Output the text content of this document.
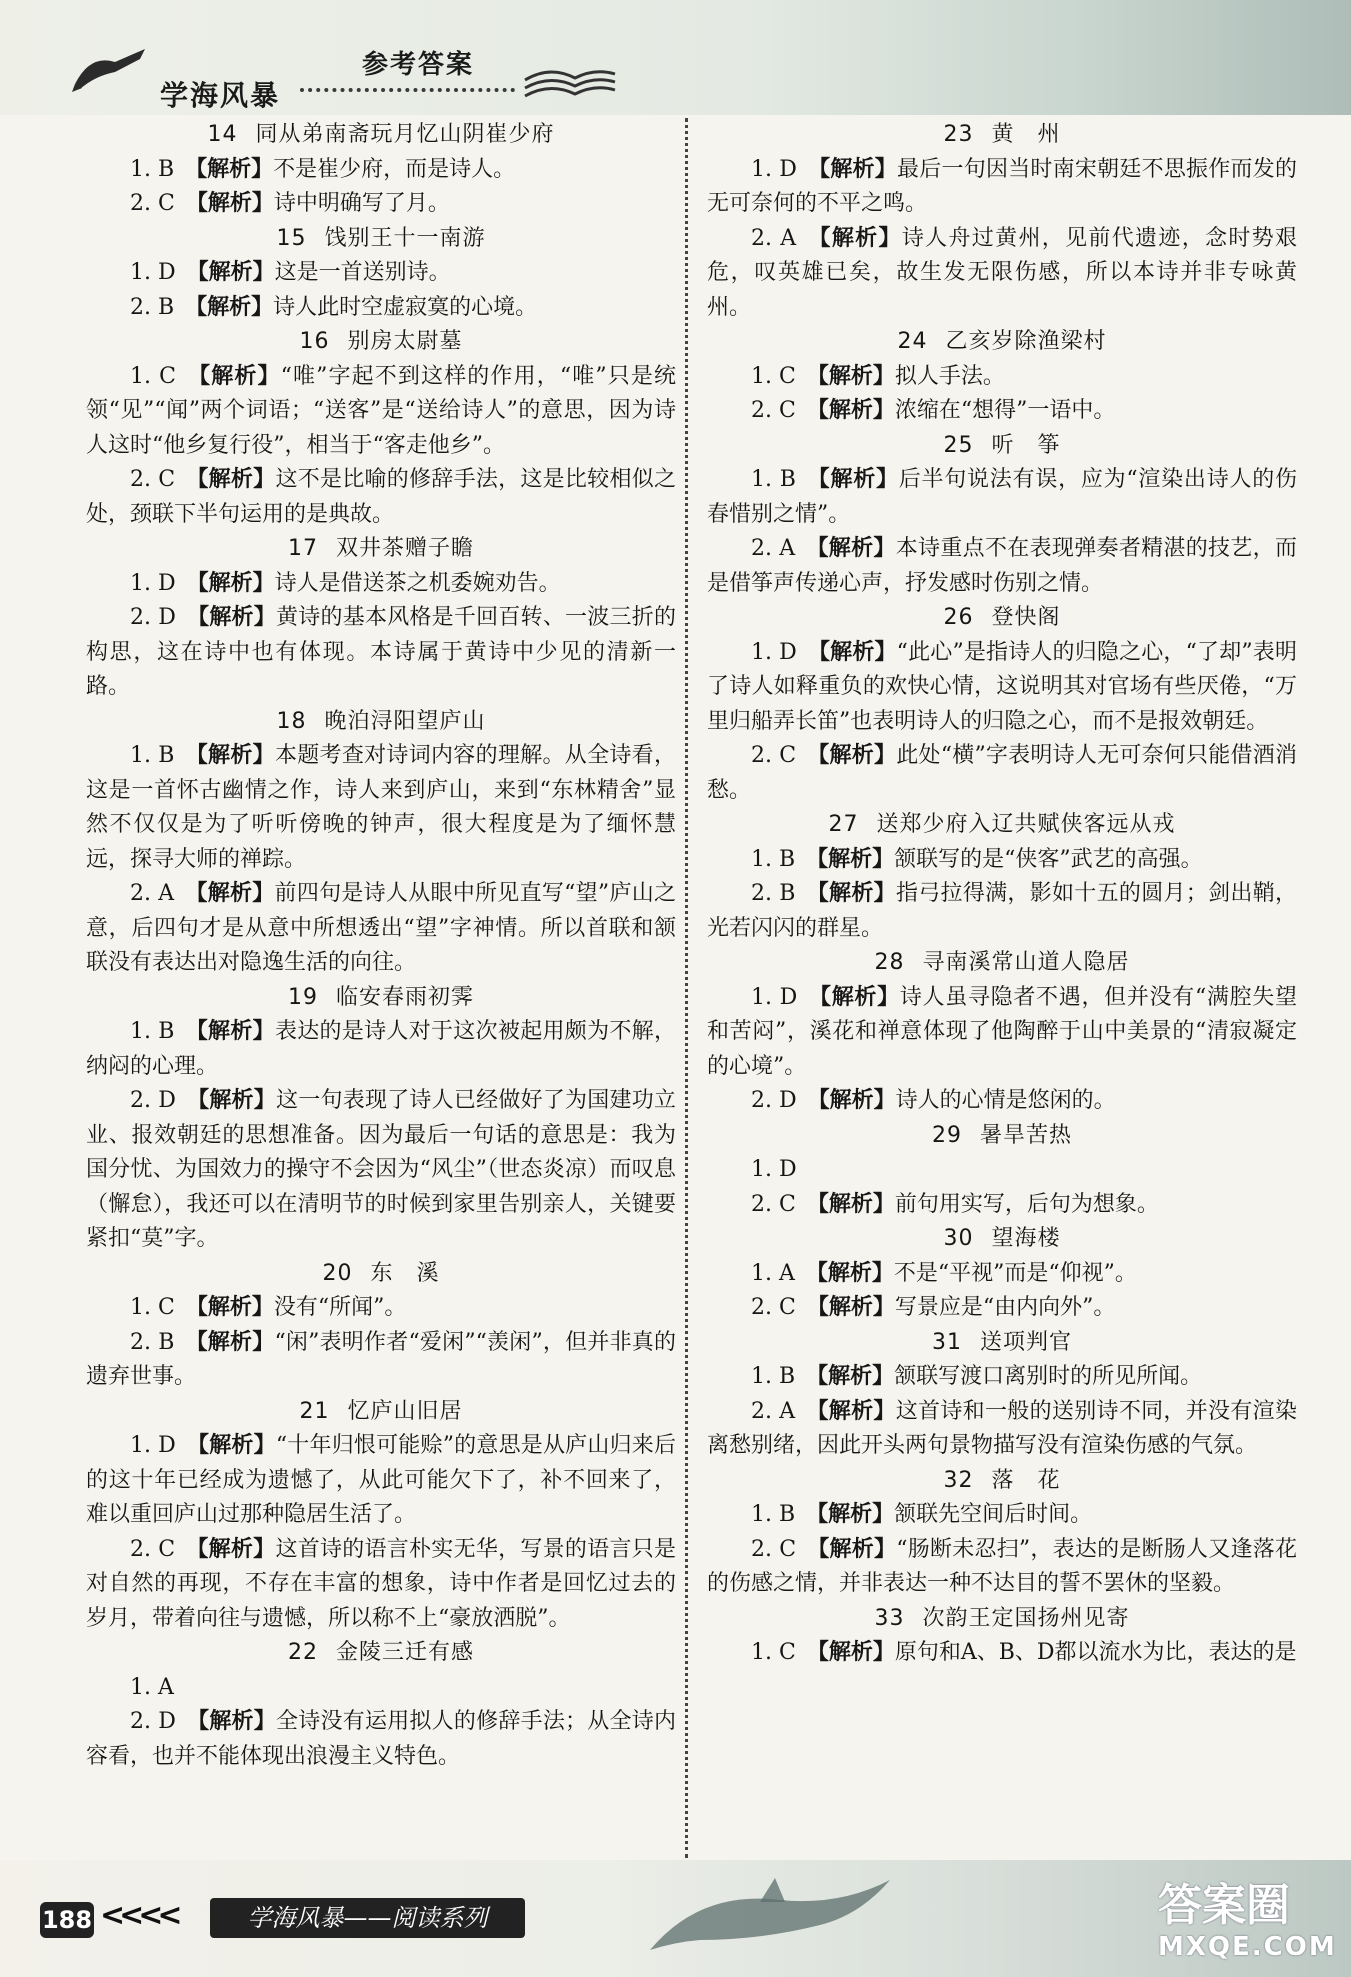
参考答案
学海风暴

14 同从弟南斋玩月忆山阴崔少府

1. B  【解析】不是崔少府，而是诗人。

2. C  【解析】诗中明确写了月。

15 饯别王十一南游

1. D  【解析】这是一首送别诗。

2. B  【解析】诗人此时空虚寂寞的心境。

16 别房太尉墓

1. C  【解析】“唯”字起不到这样的作用，“唯”只是统领“见”“闻”两个词语；“送客”是“送给诗人”的意思，因为诗人这时“他乡复行役”，相当于“客走他乡”。

2. C  【解析】这不是比喻的修辞手法，这是比较相似之处，颈联下半句运用的是典故。

17 双井茶赠子瞻

1. D  【解析】诗人是借送茶之机委婉劝告。

2. D  【解析】黄诗的基本风格是千回百转、一波三折的构思，这在诗中也有体现。本诗属于黄诗中少见的清新一路。

18 晚泊浔阳望庐山

1. B  【解析】本题考查对诗词内容的理解。从全诗看，这是一首怀古幽情之作，诗人来到庐山，来到“东林精舍”显然不仅仅是为了听听傍晚的钟声，很大程度是为了缅怀慧远，探寻大师的禅踪。

2. A  【解析】前四句是诗人从眼中所见直写“望”庐山之意，后四句才是从意中所想透出“望”字神情。所以首联和颔联没有表达出对隐逸生活的向往。

19 临安春雨初霁

1. B  【解析】表达的是诗人对于这次被起用颇为不解，纳闷的心理。

2. D  【解析】这一句表现了诗人已经做好了为国建功立业、报效朝廷的思想准备。因为最后一句话的意思是：我为国分忧、为国效力的操守不会因为“风尘”（世态炎凉）而叹息（懈怠），我还可以在清明节的时候到家里告别亲人，关键要紧扣“莫”字。

20 东　溪

1. C  【解析】没有“所闻”。

2. B  【解析】“闲”表明作者“爱闲”“羡闲”，但并非真的遗弃世事。

21 忆庐山旧居

1. D  【解析】“十年归恨可能赊”的意思是从庐山归来后的这十年已经成为遗憾了，从此可能欠下了，补不回来了，难以重回庐山过那种隐居生活了。

2. C  【解析】这首诗的语言朴实无华，写景的语言只是对自然的再现，不存在丰富的想象，诗中作者是回忆过去的岁月，带着向往与遗憾，所以称不上“豪放洒脱”。

22 金陵三迁有感

1. A

2. D  【解析】全诗没有运用拟人的修辞手法；从全诗内容看，也并不能体现出浪漫主义特色。

23 黄　州

1. D  【解析】最后一句因当时南宋朝廷不思振作而发的无可奈何的不平之鸣。

2. A  【解析】诗人舟过黄州，见前代遗迹，念时势艰危，叹英雄已矣，故生发无限伤感，所以本诗并非专咏黄州。

24 乙亥岁除渔梁村

1. C  【解析】拟人手法。

2. C  【解析】浓缩在“想得”一语中。

25 听　筝

1. B  【解析】后半句说法有误，应为“渲染出诗人的伤春惜别之情”。

2. A  【解析】本诗重点不在表现弹奏者精湛的技艺，而是借筝声传递心声，抒发感时伤别之情。

26 登快阁

1. D  【解析】“此心”是指诗人的归隐之心，“了却”表明了诗人如释重负的欢快心情，这说明其对官场有些厌倦，“万里归船弄长笛”也表明诗人的归隐之心，而不是报效朝廷。

2. C  【解析】此处“横”字表明诗人无可奈何只能借酒消愁。

27 送郑少府入辽共赋侠客远从戎

1. B  【解析】颔联写的是“侠客”武艺的高强。

2. B  【解析】指弓拉得满，影如十五的圆月；剑出鞘，光若闪闪的群星。

28 寻南溪常山道人隐居

1. D  【解析】诗人虽寻隐者不遇，但并没有“满腔失望和苦闷”，溪花和禅意体现了他陶醉于山中美景的“清寂凝定的心境”。

2. D  【解析】诗人的心情是悠闲的。

29 暑旱苦热

1. D

2. C  【解析】前句用实写，后句为想象。

30 望海楼

1. A  【解析】不是“平视”而是“仰视”。

2. C  【解析】写景应是“由内向外”。

31 送项判官

1. B  【解析】颔联写渡口离别时的所见所闻。

2. A  【解析】这首诗和一般的送别诗不同，并没有渲染离愁别绪，因此开头两句景物描写没有渲染伤感的气氛。

32 落　花

1. B  【解析】颔联先空间后时间。

2. C  【解析】“肠断未忍扫”，表达的是断肠人又逢落花的伤感之情，并非表达一种不达目的誓不罢休的坚毅。

33 次韵王定国扬州见寄

1. C  【解析】原句和A、B、D都以流水为比，表达的是

188 <<<<	学海风暴——阅读系列	答案圈
MXQE.COM
